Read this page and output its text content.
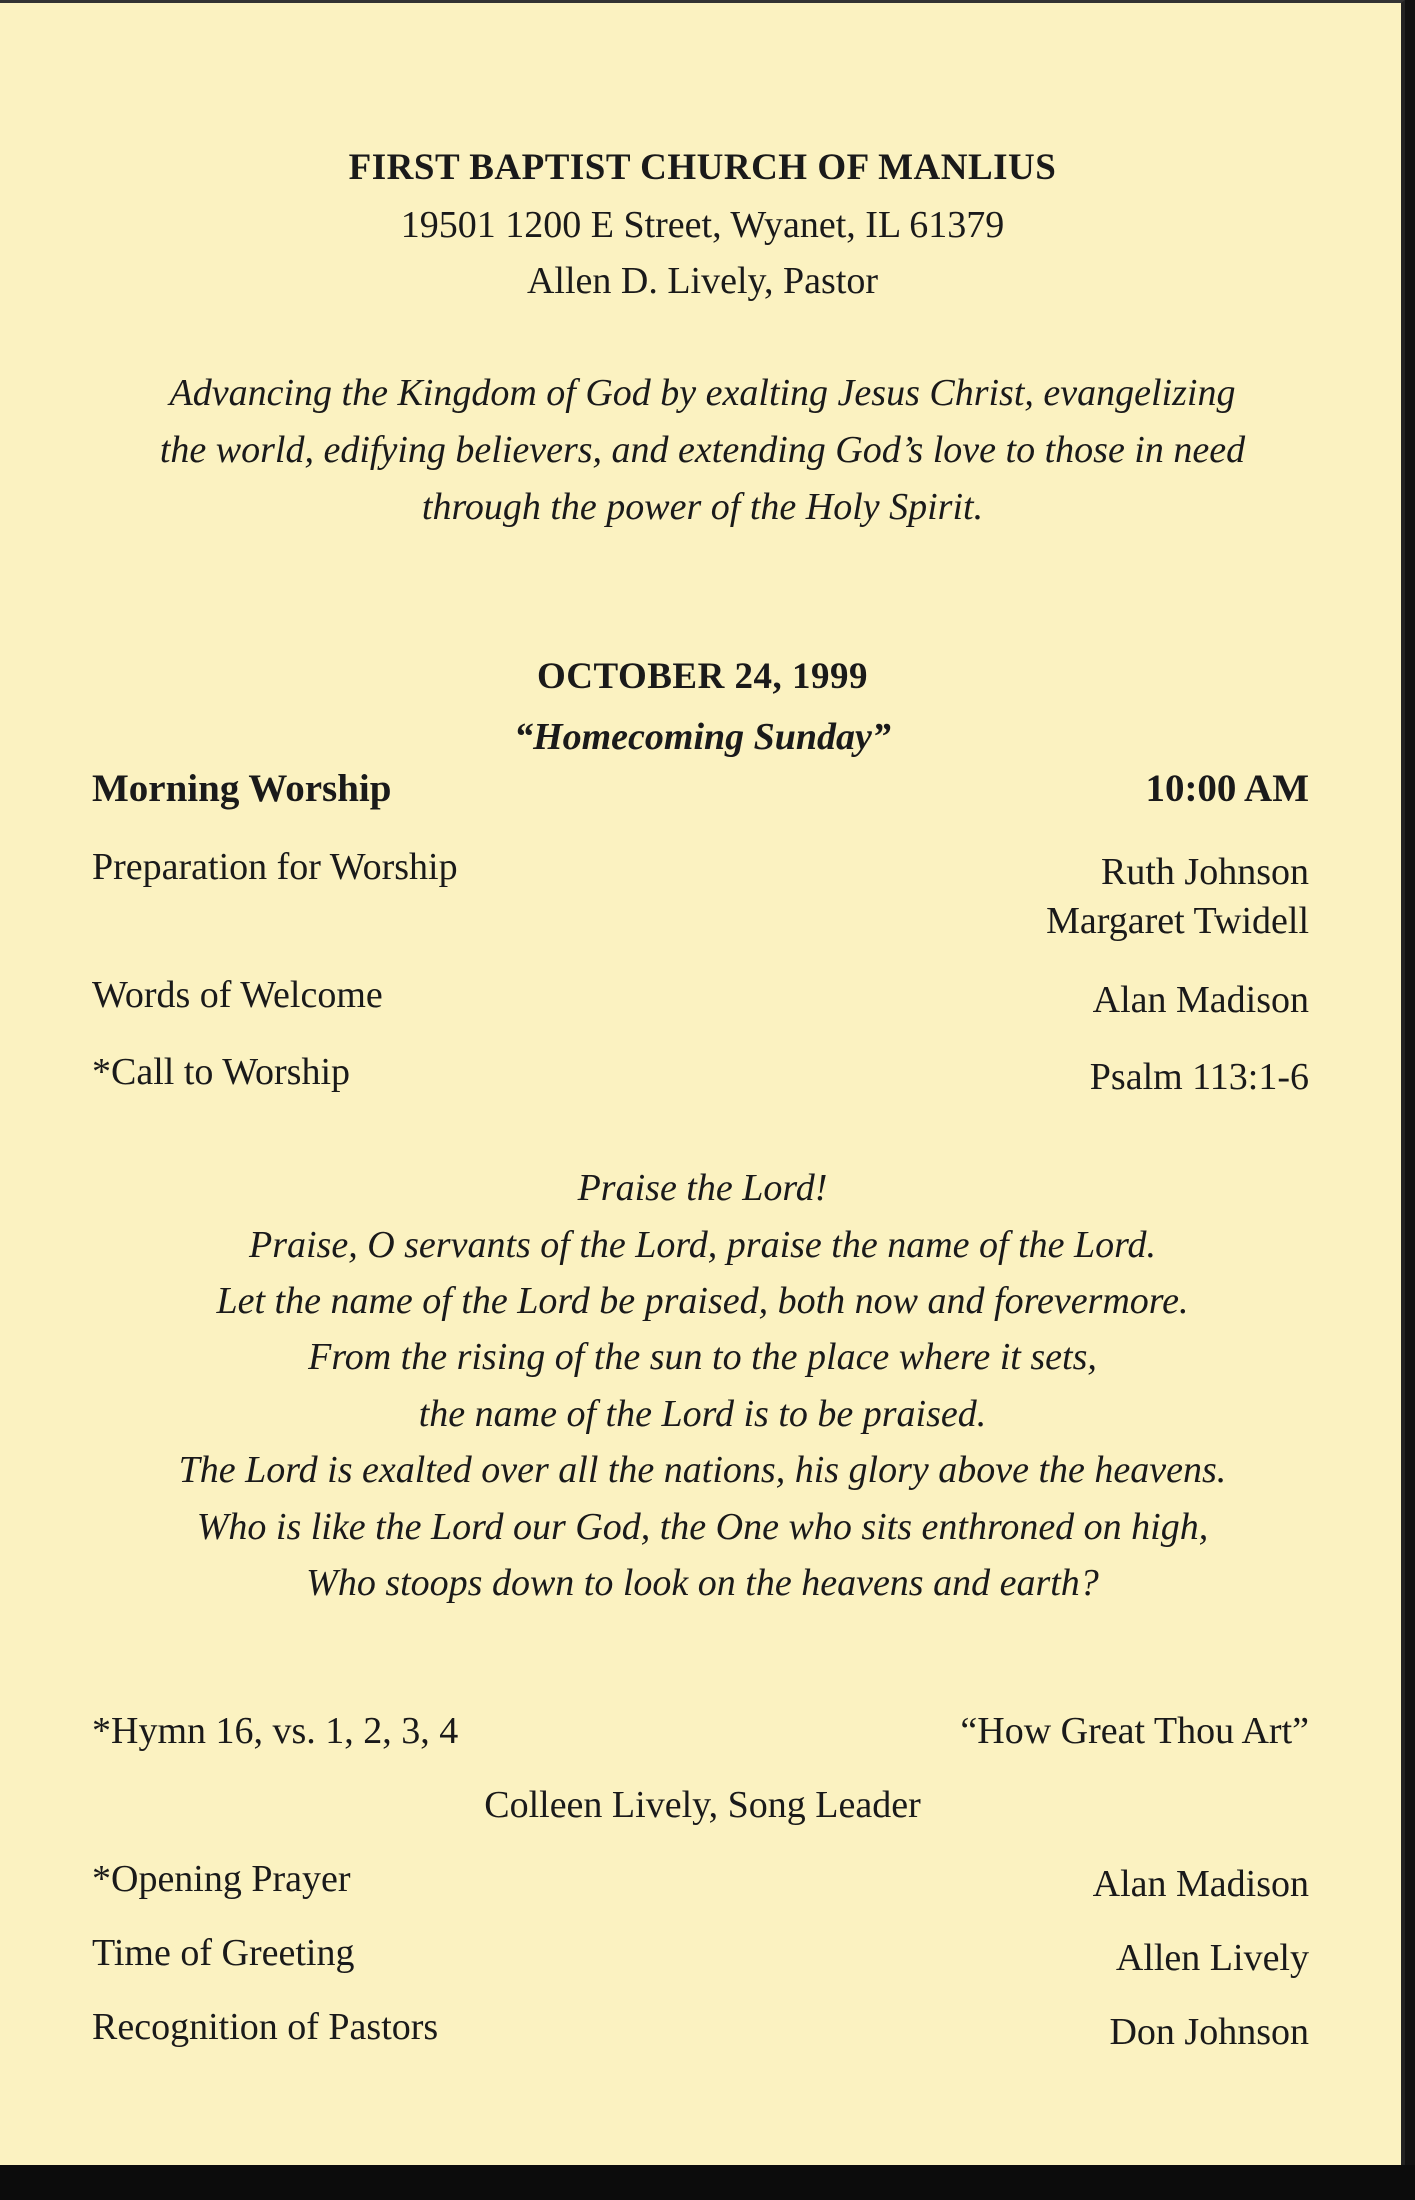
FIRST BAPTIST CHURCH OF MANLIUS
19501 1200 E Street, Wyanet, IL 61379
Allen D. Lively, Pastor
Advancing the Kingdom of God by exalting Jesus Christ, evangelizing
the world, edifying believers, and extending God’s love to those in need
through the power of the Holy Spirit.
OCTOBER 24, 1999
“Homecoming Sunday”
Morning Worship	10:00 AM
Preparation for Worship	Ruth Johnson
Margaret Twidell
Words of Welcome	Alan Madison
*Call to Worship	Psalm 113:1-6
Praise the Lord!
Praise, O servants of the Lord, praise the name of the Lord.
Let the name of the Lord be praised, both now and forevermore.
From the rising of the sun to the place where it sets,
the name of the Lord is to be praised.
The Lord is exalted over all the nations, his glory above the heavens.
Who is like the Lord our God, the One who sits enthroned on high,
Who stoops down to look on the heavens and earth?
*Hymn 16, vs. 1, 2, 3, 4	“How Great Thou Art”
Colleen Lively, Song Leader
*Opening Prayer	Alan Madison
Time of Greeting	Allen Lively
Recognition of Pastors	Don Johnson
